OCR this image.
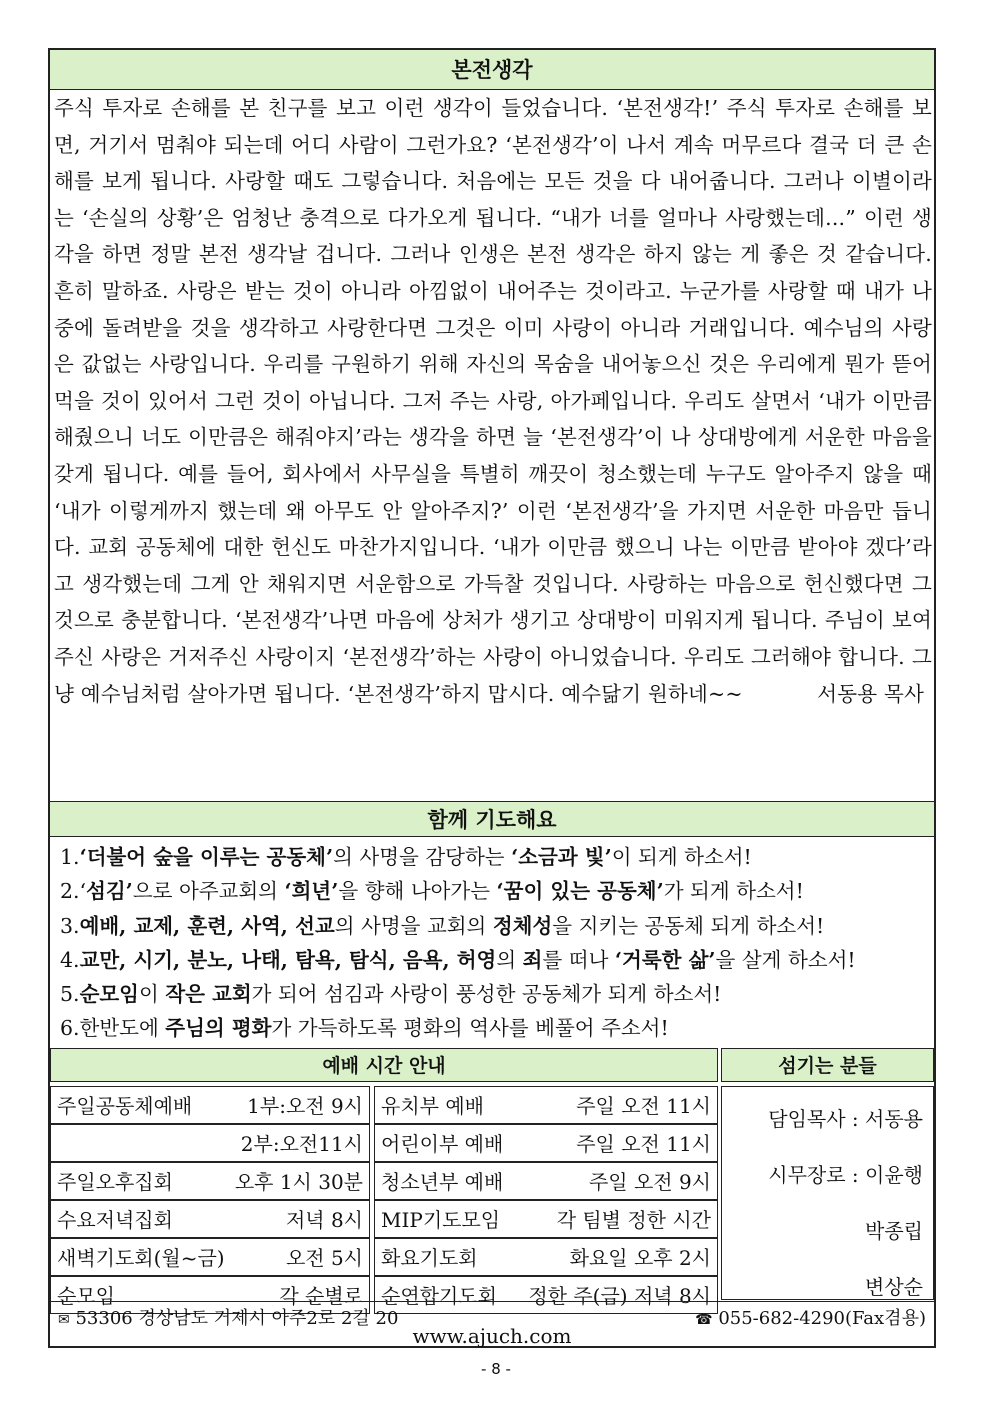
본전생각
주식 투자로 손해를 본 친구를 보고 이런 생각이 들었습니다. ‘본전생각!’ 주식 투자로 손해를 보면, 거기서 멈춰야 되는데 어디 사람이 그런가요? ‘본전생각’이 나서 계속 머무르다 결국 더 큰 손해를 보게 됩니다. 사랑할 때도 그렇습니다. 처음에는 모든 것을 다 내어줍니다. 그러나 이별이라는 ‘손실의 상황’은 엄청난 충격으로 다가오게 됩니다. “내가 너를 얼마나 사랑했는데...” 이런 생각을 하면 정말 본전 생각날 겁니다. 그러나 인생은 본전 생각은 하지 않는 게 좋은 것 같습니다. 흔히 말하죠. 사랑은 받는 것이 아니라 아낌없이 내어주는 것이라고. 누군가를 사랑할 때 내가 나중에 돌려받을 것을 생각하고 사랑한다면 그것은 이미 사랑이 아니라 거래입니다. 예수님의 사랑은 값없는 사랑입니다. 우리를 구원하기 위해 자신의 목숨을 내어놓으신 것은 우리에게 뭔가 뜯어먹을 것이 있어서 그런 것이 아닙니다. 그저 주는 사랑, 아가페입니다. 우리도 살면서 ‘내가 이만큼 해줬으니 너도 이만큼은 해줘야지’라는 생각을 하면 늘 ‘본전생각’이 나 상대방에게 서운한 마음을 갖게 됩니다. 예를 들어, 회사에서 사무실을 특별히 깨끗이 청소했는데 누구도 알아주지 않을 때 ‘내가 이렇게까지 했는데 왜 아무도 안 알아주지?’ 이런 ‘본전생각’을 가지면 서운한 마음만 듭니다. 교회 공동체에 대한 헌신도 마찬가지입니다. ‘내가 이만큼 했으니 나는 이만큼 받아야 겠다’라고 생각했는데 그게 안 채워지면 서운함으로 가득찰 것입니다. 사랑하는 마음으로 헌신했다면 그것으로 충분합니다. ‘본전생각’나면 마음에 상처가 생기고 상대방이 미워지게 됩니다. 주님이 보여주신 사랑은 거저주신 사랑이지 ‘본전생각’하는 사랑이 아니었습니다. 우리도 그러해야 합니다. 그냥 예수님처럼 살아가면 됩니다. ‘본전생각’하지 맙시다. 예수닮기 원하네~~	서동용 목사
함께 기도해요
1.‘더불어 숲을 이루는 공동체’의 사명을 감당하는 ‘소금과 빛’이 되게 하소서!
2.‘섬김’으로 아주교회의 ‘희년’을 향해 나아가는 ‘꿈이 있는 공동체’가 되게 하소서!
3.예배, 교제, 훈련, 사역, 선교의 사명을 교회의 정체성을 지키는 공동체 되게 하소서!
4.교만, 시기, 분노, 나태, 탐욕, 탐식, 음욕, 허영의 죄를 떠나 ‘거룩한 삶’을 살게 하소서!
5.순모임이 작은 교회가 되어 섬김과 사랑이 풍성한 공동체가 되게 하소서!
6.한반도에 주님의 평화가 가득하도록 평화의 역사를 베풀어 주소서!
예배 시간 안내	섬기는 분들
주일공동체예배	1부:오전 9시
2부:오전11시
주일오후집회	오후 1시 30분
수요저녁집회	저녁 8시
새벽기도회(월~금)	오전 5시
순모임	각 순별로
유치부 예배	주일 오전 11시
어린이부 예배	주일 오전 11시
청소년부 예배	주일 오전 9시
MIP기도모임	각 팀별 정한 시간
화요기도회	화요일 오후 2시
순연합기도회 정한 주(금) 저녁 8시
담임목사 : 서동용
시무장로 : 이윤행
박종립
변상순
✉ 53306 경상남도 거제시 아주2로 2길 20	☎ 055-682-4290(Fax겸용)
www.ajuch.com
- 8 -
